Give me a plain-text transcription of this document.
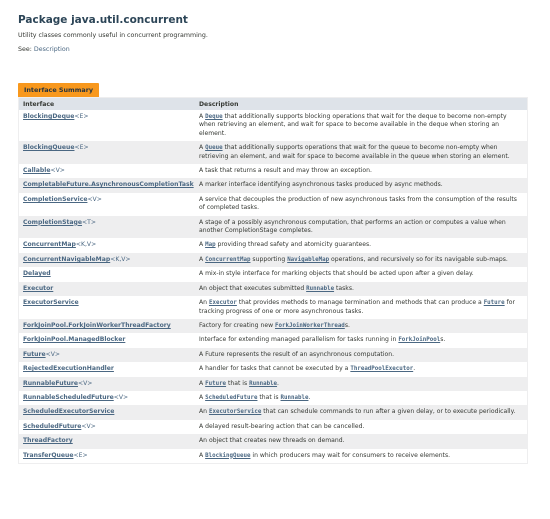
Package java.util.concurrent
Utility classes commonly useful in concurrent programming.

See: Description

Interface Summary
Interface	Description
BlockingDeque<E>	A Deque that additionally supports blocking operations that wait for the deque to become non-empty when retrieving an element, and wait for space to become available in the deque when storing an element.
BlockingQueue<E>	A Queue that additionally supports operations that wait for the queue to become non-empty when retrieving an element, and wait for space to become available in the queue when storing an element.
Callable<V>	A task that returns a result and may throw an exception.
CompletableFuture.AsynchronousCompletionTask	A marker interface identifying asynchronous tasks produced by async methods.
CompletionService<V>	A service that decouples the production of new asynchronous tasks from the consumption of the results of completed tasks.
CompletionStage<T>	A stage of a possibly asynchronous computation, that performs an action or computes a value when another CompletionStage completes.
ConcurrentMap<K,V>	A Map providing thread safety and atomicity guarantees.
ConcurrentNavigableMap<K,V>	A ConcurrentMap supporting NavigableMap operations, and recursively so for its navigable sub-maps.
Delayed	A mix-in style interface for marking objects that should be acted upon after a given delay.
Executor	An object that executes submitted Runnable tasks.
ExecutorService	An Executor that provides methods to manage termination and methods that can produce a Future for tracking progress of one or more asynchronous tasks.
ForkJoinPool.ForkJoinWorkerThreadFactory	Factory for creating new ForkJoinWorkerThreads.
ForkJoinPool.ManagedBlocker	Interface for extending managed parallelism for tasks running in ForkJoinPools.
Future<V>	A Future represents the result of an asynchronous computation.
RejectedExecutionHandler	A handler for tasks that cannot be executed by a ThreadPoolExecutor.
RunnableFuture<V>	A Future that is Runnable.
RunnableScheduledFuture<V>	A ScheduledFuture that is Runnable.
ScheduledExecutorService	An ExecutorService that can schedule commands to run after a given delay, or to execute periodically.
ScheduledFuture<V>	A delayed result-bearing action that can be cancelled.
ThreadFactory	An object that creates new threads on demand.
TransferQueue<E>	A BlockingQueue in which producers may wait for consumers to receive elements.
